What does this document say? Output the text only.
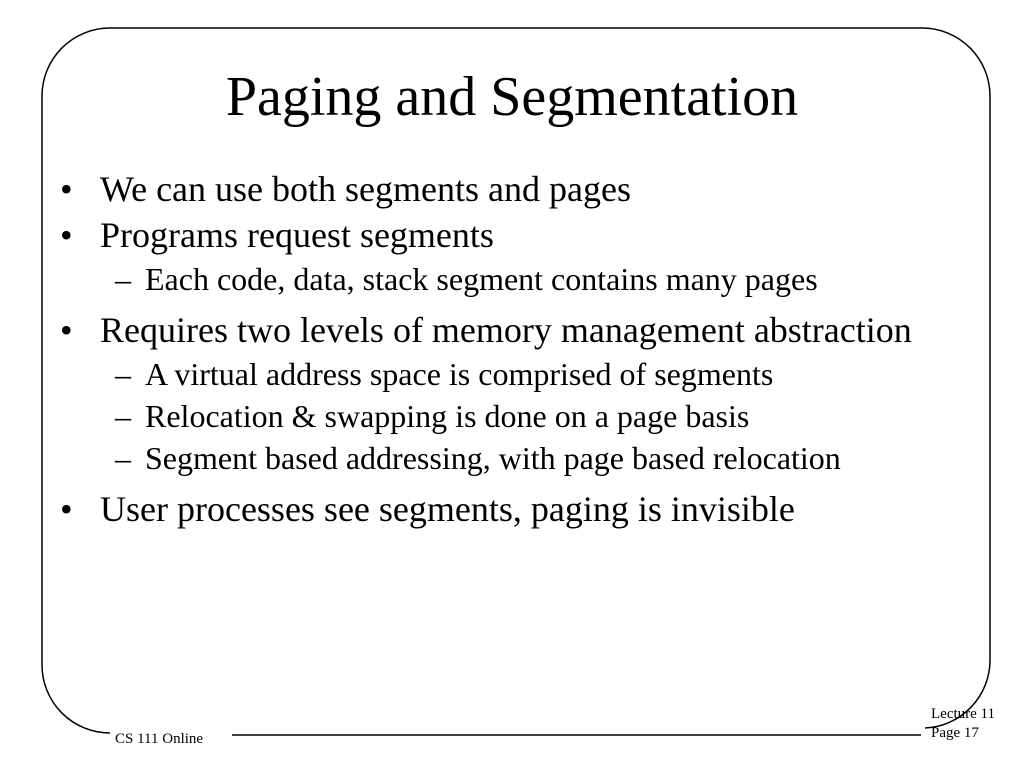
Paging and Segmentation
• We can use both segments and pages
• Programs request segments
– Each code, data, stack segment contains many pages
• Requires two levels of memory management abstraction
– A virtual address space is comprised of segments
– Relocation & swapping is done on a page basis
– Segment based addressing, with page based relocation
• User processes see segments, paging is invisible
CS 111 Online
Lecture 11
Page 17
